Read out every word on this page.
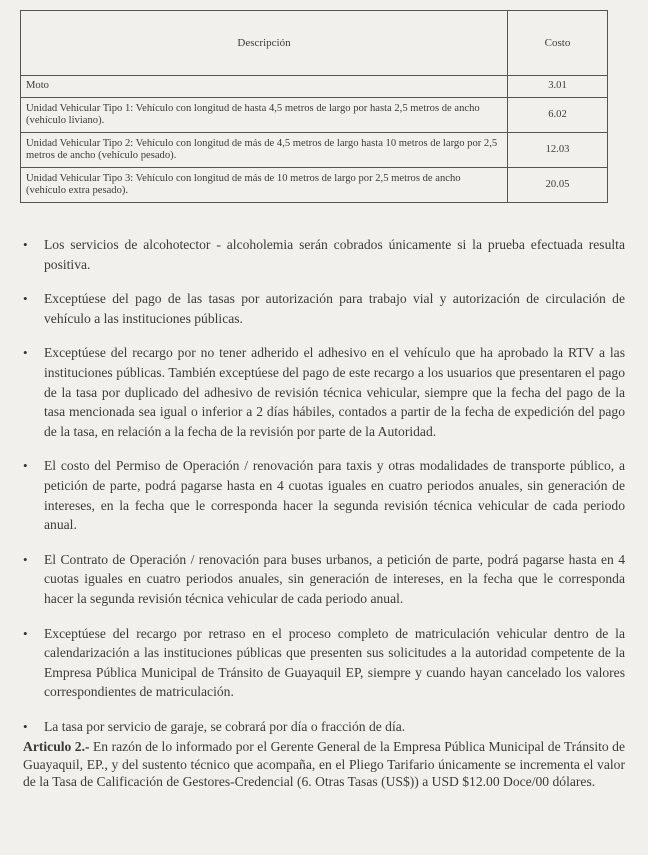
Descripción	Costo
Moto	3.01
Unidad Vehicular Tipo 1: Vehículo con longitud de hasta 4,5 metros de largo por hasta 2,5 metros de ancho (vehículo liviano).	6.02
Unidad Vehicular Tipo 2: Vehículo con longitud de más de 4,5 metros de largo hasta 10 metros de largo por 2,5 metros de ancho (vehículo pesado).	12.03
Unidad Vehicular Tipo 3: Vehículo con longitud de más de 10 metros de largo por 2,5 metros de ancho (vehículo extra pesado).	20.05
• Los servicios de alcohotector - alcoholemia serán cobrados únicamente si la prueba efectuada resulta positiva.
• Exceptúese del pago de las tasas por autorización para trabajo vial y autorización de circulación de vehículo a las instituciones públicas.
• Exceptúese del recargo por no tener adherido el adhesivo en el vehículo que ha aprobado la RTV a las instituciones públicas. También exceptúese del pago de este recargo a los usuarios que presentaren el pago de la tasa por duplicado del adhesivo de revisión técnica vehicular, siempre que la fecha del pago de la tasa mencionada sea igual o inferior a 2 días hábiles, contados a partir de la fecha de expedición del pago de la tasa, en relación a la fecha de la revisión por parte de la Autoridad.
• El costo del Permiso de Operación / renovación para taxis y otras modalidades de transporte público, a petición de parte, podrá pagarse hasta en 4 cuotas iguales en cuatro periodos anuales, sin generación de intereses, en la fecha que le corresponda hacer la segunda revisión técnica vehicular de cada periodo anual.
• El Contrato de Operación / renovación para buses urbanos, a petición de parte, podrá pagarse hasta en 4 cuotas iguales en cuatro periodos anuales, sin generación de intereses, en la fecha que le corresponda hacer la segunda revisión técnica vehicular de cada periodo anual.
• Exceptúese del recargo por retraso en el proceso completo de matriculación vehicular dentro de la calendarización a las instituciones públicas que presenten sus solicitudes a la autoridad competente de la Empresa Pública Municipal de Tránsito de Guayaquil EP, siempre y cuando hayan cancelado los valores correspondientes de matriculación.
• La tasa por servicio de garaje, se cobrará por día o fracción de día.

Articulo 2.- En razón de lo informado por el Gerente General de la Empresa Pública Municipal de Tránsito de Guayaquil, EP., y del sustento técnico que acompaña, en el Pliego Tarifario únicamente se incrementa el valor de la Tasa de Calificación de Gestores-Credencial (6. Otras Tasas (US$)) a USD $12.00 Doce/00 dólares.
